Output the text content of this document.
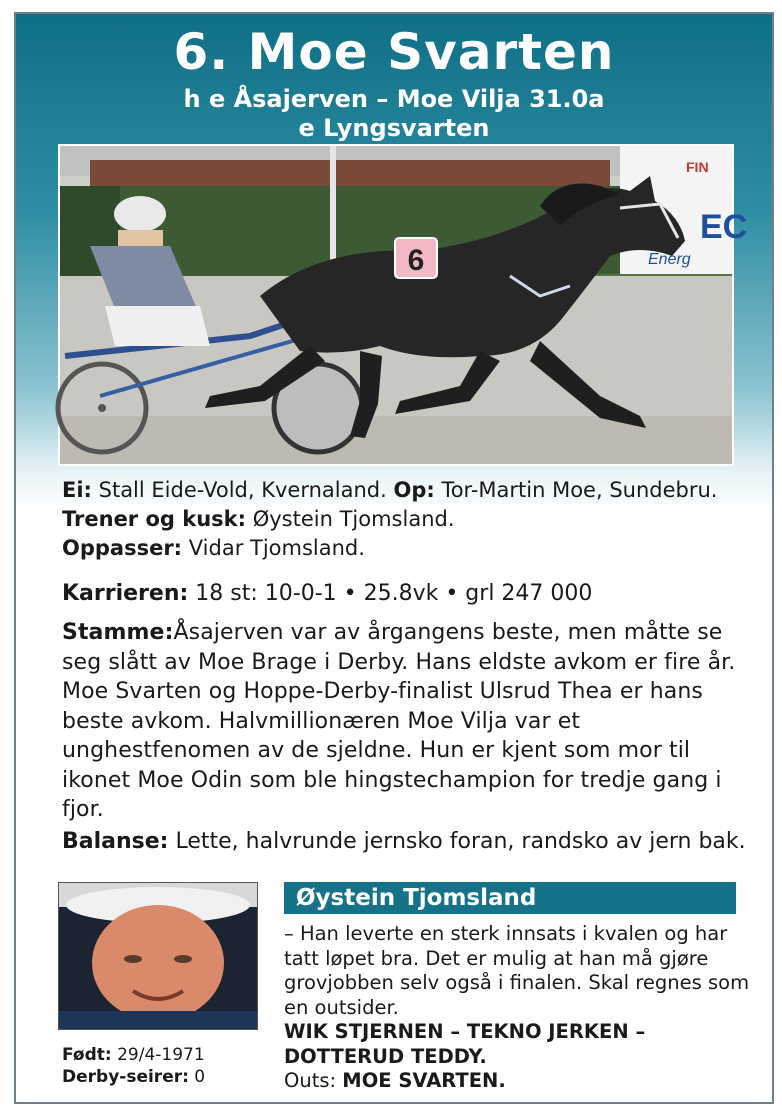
6. Moe Svarten
h e Åsajerven – Moe Vilja 31.0a
e Lyngsvarten
FIN
EC
Energ
6
Ei: Stall Eide-Vold, Kvernaland. Op: Tor-Martin Moe, Sundebru. Trener og kusk: Øystein Tjomsland.
Oppasser: Vidar Tjomsland.
Karrieren: 18 st: 10-0-1 • 25.8vk • grl 247 000
Stamme:Åsajerven var av årgangens beste, men måtte se seg slått av Moe Brage i Derby. Hans eldste avkom er fire år. Moe Svarten og Hoppe-Derby-finalist Ulsrud Thea er hans beste avkom. Halvmillionæren Moe Vilja var et unghestfenomen av de sjeldne. Hun er kjent som mor til ikonet Moe Odin som ble hingstechampion for tredje gang i fjor.
Balanse: Lette, halvrunde jernsko foran, randsko av jern bak.
Født: 29/4-1971
Derby-seirer: 0
Øystein Tjomsland
– Han leverte en sterk innsats i kvalen og har tatt løpet bra. Det er mulig at han må gjøre grovjobben selv også i finalen. Skal regnes som en outsider.
WIK STJERNEN – TEKNO JERKEN – DOTTERUD TEDDY.
Outs: MOE SVARTEN.
